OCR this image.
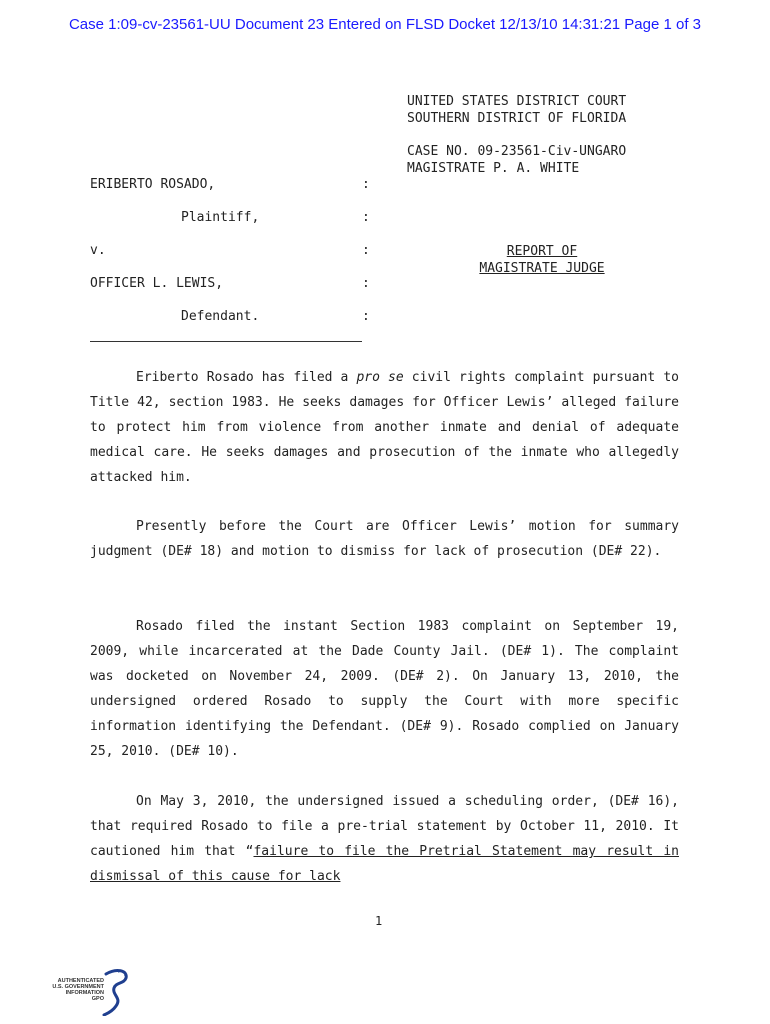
Case 1:09-cv-23561-UU Document 23 Entered on FLSD Docket 12/13/10 14:31:21 Page 1 of 3
UNITED STATES DISTRICT COURT
SOUTHERN DISTRICT OF FLORIDA
CASE NO. 09-23561-Civ-UNGARO
MAGISTRATE P. A. WHITE
ERIBERTO ROSADO,	:
Plaintiff,	:
v.	:
OFFICER L. LEWIS,	:
Defendant.	:
REPORT OF
MAGISTRATE JUDGE
Eriberto Rosado has filed a pro se civil rights complaint pursuant to Title 42, section 1983. He seeks damages for Officer Lewis’ alleged failure to protect him from violence from another inmate and denial of adequate medical care. He seeks damages and prosecution of the inmate who allegedly attacked him.
Presently before the Court are Officer Lewis’ motion for summary judgment (DE# 18) and motion to dismiss for lack of prosecution (DE# 22).
Rosado filed the instant Section 1983 complaint on September 19, 2009, while incarcerated at the Dade County Jail. (DE# 1). The complaint was docketed on November 24, 2009. (DE# 2). On January 13, 2010, the undersigned ordered Rosado to supply the Court with more specific information identifying the Defendant. (DE# 9). Rosado complied on January 25, 2010. (DE# 10).
On May 3, 2010, the undersigned issued a scheduling order, (DE# 16), that required Rosado to file a pre-trial statement by October 11, 2010. It cautioned him that “failure to file the Pretrial Statement may result in dismissal of this cause for lack
1
AUTHENTICATED
U.S. GOVERNMENT
INFORMATION
GPO
